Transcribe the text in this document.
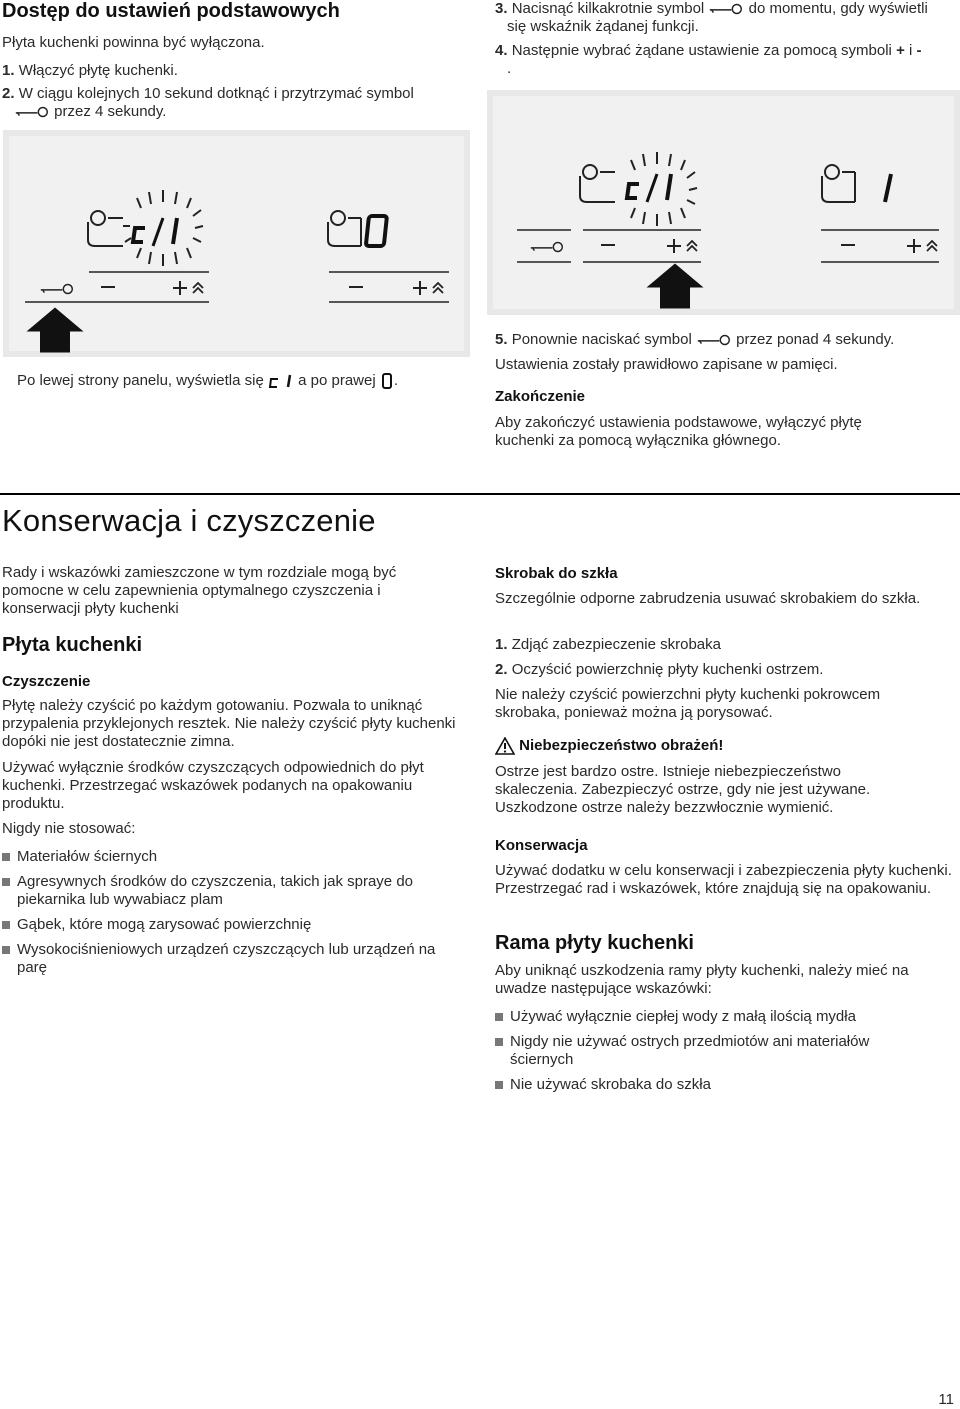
Dostęp do ustawień podstawowych
Płyta kuchenki powinna być wyłączona.
1. Włączyć płytę kuchenki.
2. W ciągu kolejnych 10 sekund dotknąć i przytrzymać symbol
przez 4 sekundy.
3. Nacisnąć kilkakrotnie symbol	do momentu, gdy wyświetli
się wskaźnik żądanej funkcji.
4. Następnie wybrać żądane ustawienie za pomocą symboli + i -
.
Po lewej strony panelu, wyświetla się a po prawej .
5. Ponownie naciskać symbol	przez ponad 4 sekundy.
Ustawienia zostały prawidłowo zapisane w pamięci.
Zakończenie
Aby zakończyć ustawienia podstawowe, wyłączyć płytę kuchenki za pomocą wyłącznika głównego.
Konserwacja i czyszczenie
Rady i wskazówki zamieszczone w tym rozdziale mogą być pomocne w celu zapewnienia optymalnego czyszczenia i konserwacji płyty kuchenki
Płyta kuchenki
Czyszczenie
Płytę należy czyścić po każdym gotowaniu. Pozwala to uniknąć przypalenia przyklejonych resztek. Nie należy czyścić płyty kuchenki dopóki nie jest dostatecznie zimna.
Używać wyłącznie środków czyszczących odpowiednich do płyt kuchenki. Przestrzegać wskazówek podanych na opakowaniu produktu.
Nigdy nie stosować:
Materiałów ściernych
Agresywnych środków do czyszczenia, takich jak spraye do piekarnika lub wywabiacz plam
Gąbek, które mogą zarysować powierzchnię
Wysokociśnieniowych urządzeń czyszczących lub urządzeń na parę
Skrobak do szkła
Szczególnie odporne zabrudzenia usuwać skrobakiem do szkła.
1. Zdjąć zabezpieczenie skrobaka
2. Oczyścić powierzchnię płyty kuchenki ostrzem.
Nie należy czyścić powierzchni płyty kuchenki pokrowcem skrobaka, ponieważ można ją porysować.
Niebezpieczeństwo obrażeń!
Ostrze jest bardzo ostre. Istnieje niebezpieczeństwo skaleczenia. Zabezpieczyć ostrze, gdy nie jest używane. Uszkodzone ostrze należy bezzwłocznie wymienić.
Konserwacja
Używać dodatku w celu konserwacji i zabezpieczenia płyty kuchenki. Przestrzegać rad i wskazówek, które znajdują się na opakowaniu.
Rama płyty kuchenki
Aby uniknąć uszkodzenia ramy płyty kuchenki, należy mieć na uwadze następujące wskazówki:
Używać wyłącznie ciepłej wody z małą ilością mydła
Nigdy nie używać ostrych przedmiotów ani materiałów ściernych
Nie używać skrobaka do szkła
11
